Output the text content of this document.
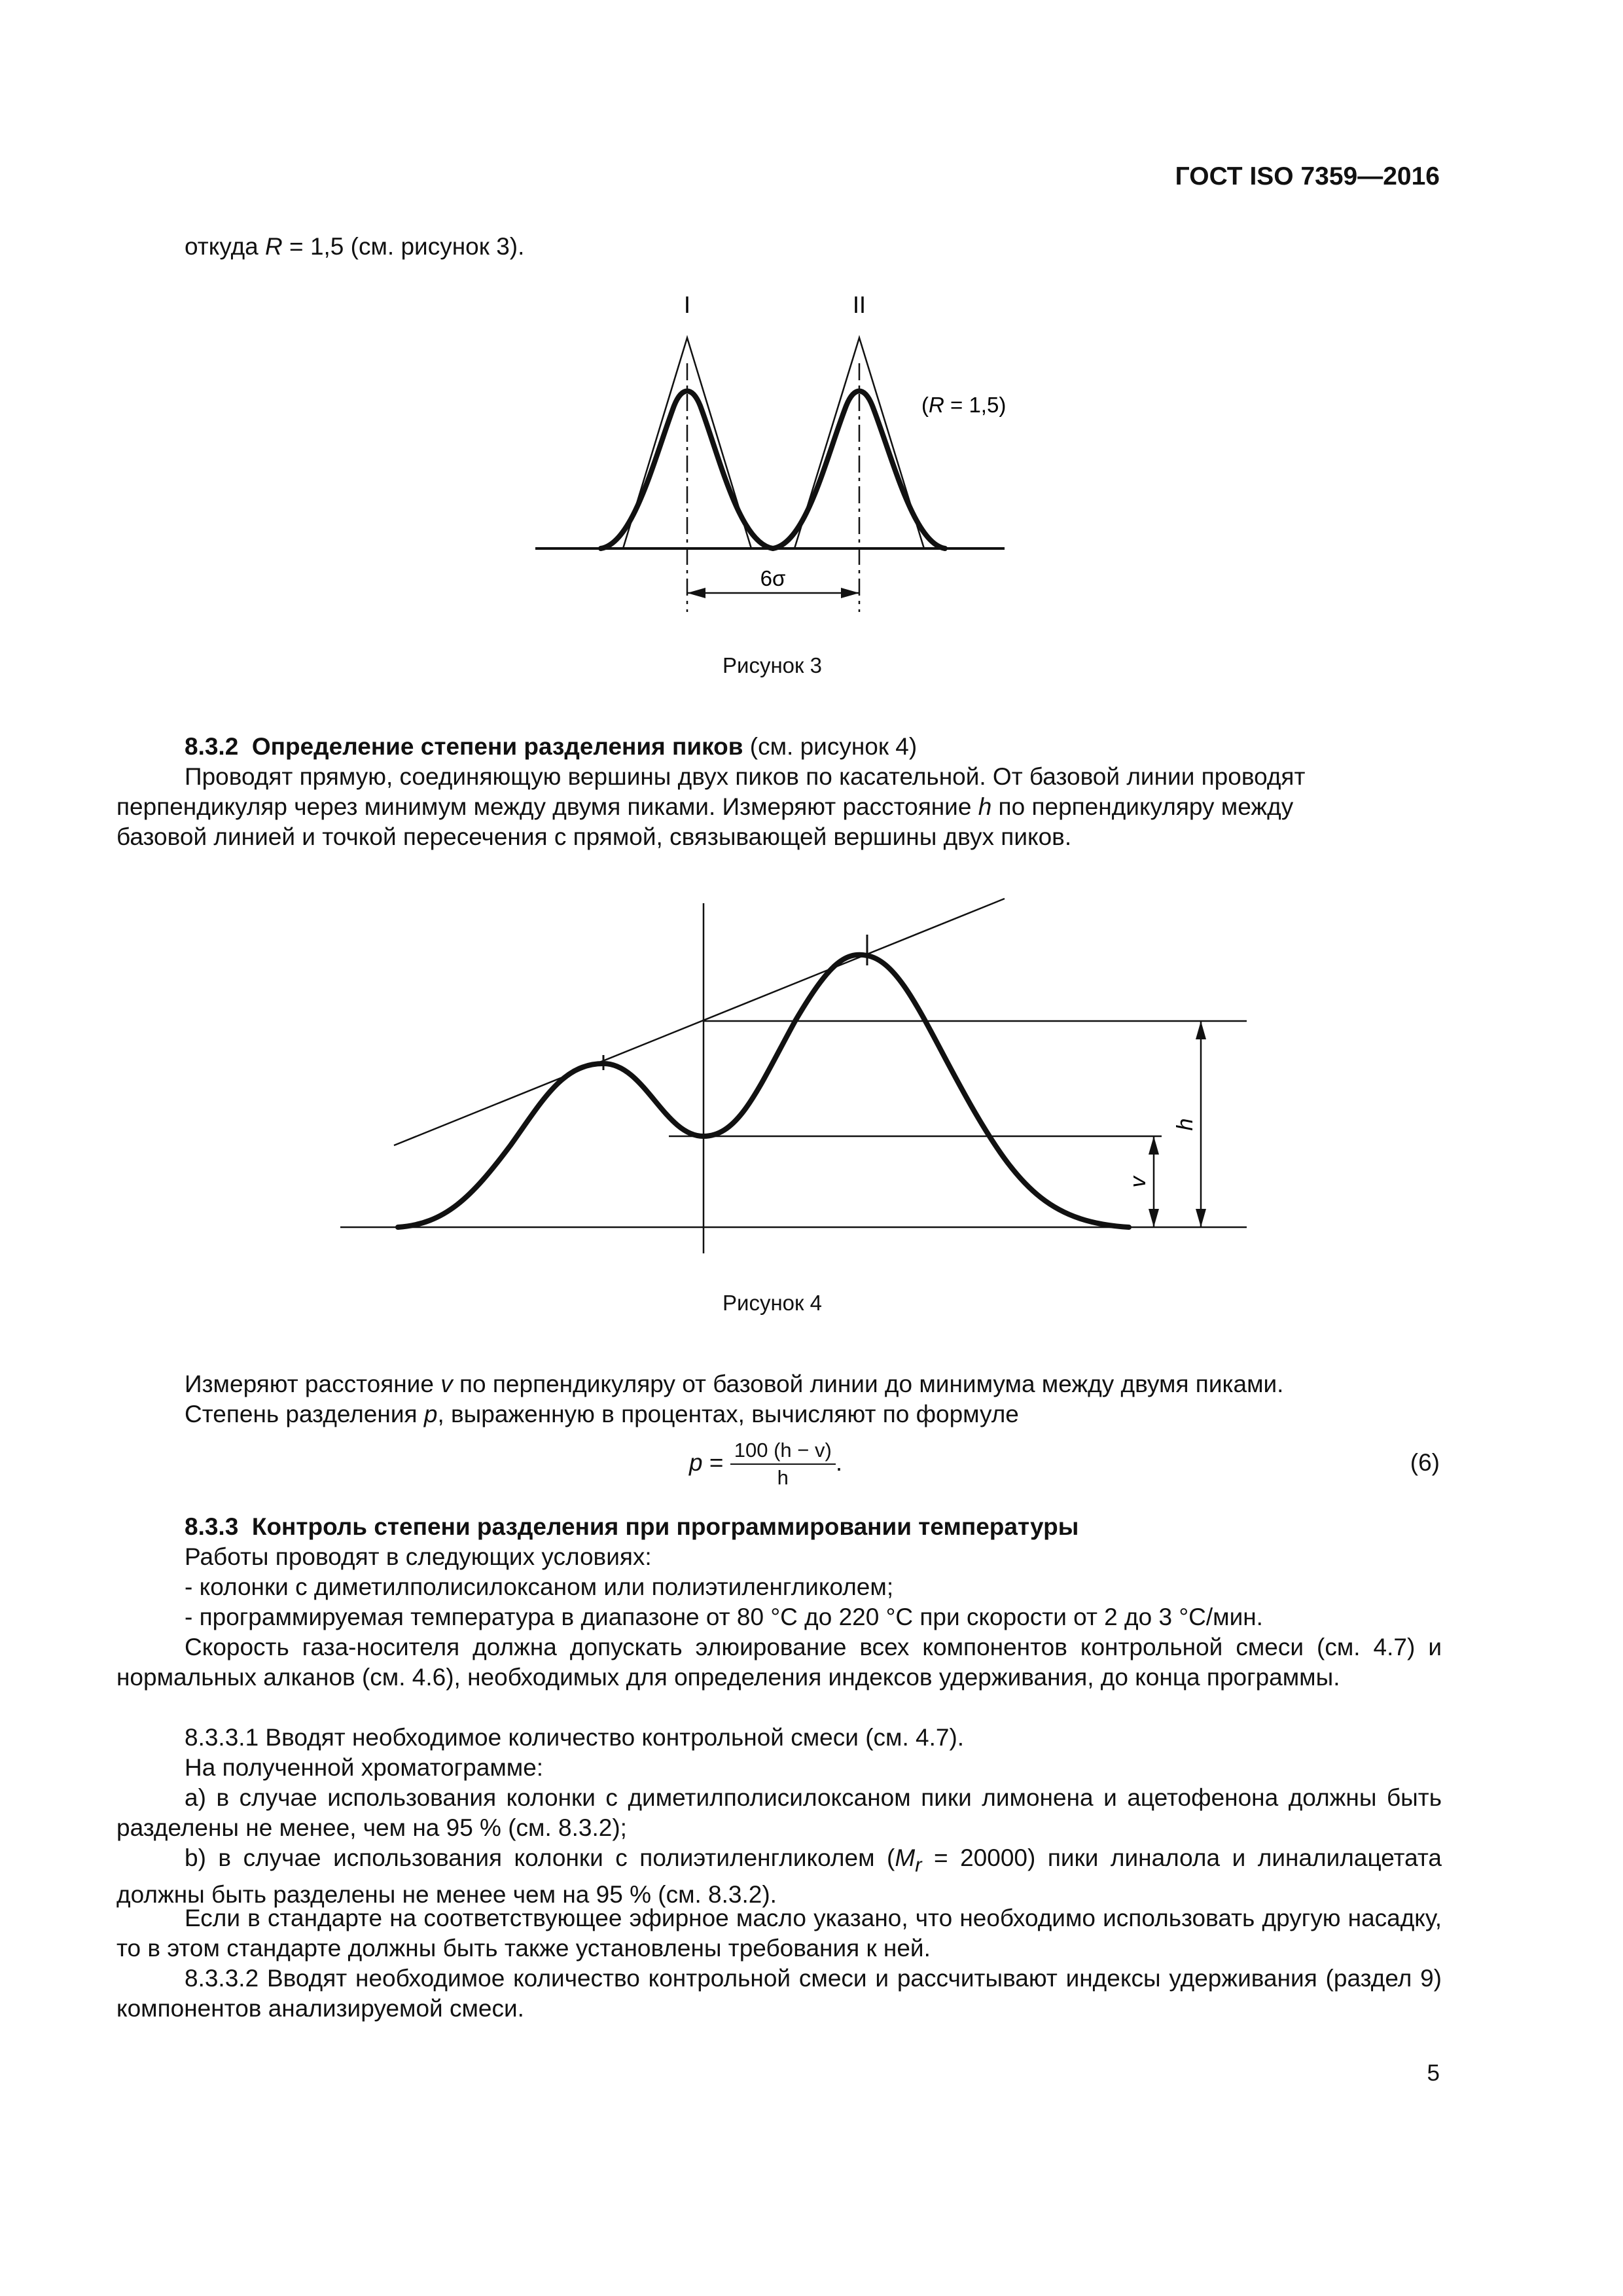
ГОСТ ISO 7359—2016
откуда R = 1,5 (см. рисунок 3).
6σ
I	II
(R = 1,5)
Рисунок 3
8.3.2 Определение степени разделения пиков (см. рисунок 4)
Проводят прямую, соединяющую вершины двух пиков по касательной. От базовой линии проводят
перпендикуляр через минимум между двумя пиками. Измеряют расстояние h по перпендикуляру между
базовой линией и точкой пересечения с прямой, связывающей вершины двух пиков.
h
v
Рисунок 4
Измеряют расстояние v по перпендикуляру от базовой линии до минимума между двумя пиками.
Степень разделения p, выраженную в процентах, вычисляют по формуле
$p = \frac{100 (h - v)}{h}$ .	(6)
8.3.3 Контроль степени разделения при программировании температуры
Работы проводят в следующих условиях:
- колонки с диметилполисилоксаном или полиэтиленгликолем;
- программируемая температура в диапазоне от 80 °С до 220 °С при скорости от 2 до 3 °С/мин.

Скорость газа-носителя должна допускать элюирование всех компонентов контрольной смеси (см. 4.7) и нормальных алканов (см. 4.6), необходимых для определения индексов удерживания, до конца программы.

8.3.3.1 Вводят необходимое количество контрольной смеси (см. 4.7).
На полученной хроматограмме:

a) в случае использования колонки с диметилполисилоксаном пики лимонена и ацетофенона должны быть разделены не менее, чем на 95 % (см. 8.3.2);

b) в случае использования колонки с полиэтиленгликолем $(M_r = 20000)$ пики линалола и линалилацетата должны быть разделены не менее чем на 95 % (см. 8.3.2).

Если в стандарте на соответствующее эфирное масло указано, что необходимо использовать другую насадку, то в этом стандарте должны быть также установлены требования к ней.

8.3.3.2 Вводят необходимое количество контрольной смеси и рассчитывают индексы удерживания (раздел 9) компонентов анализируемой смеси.

5
